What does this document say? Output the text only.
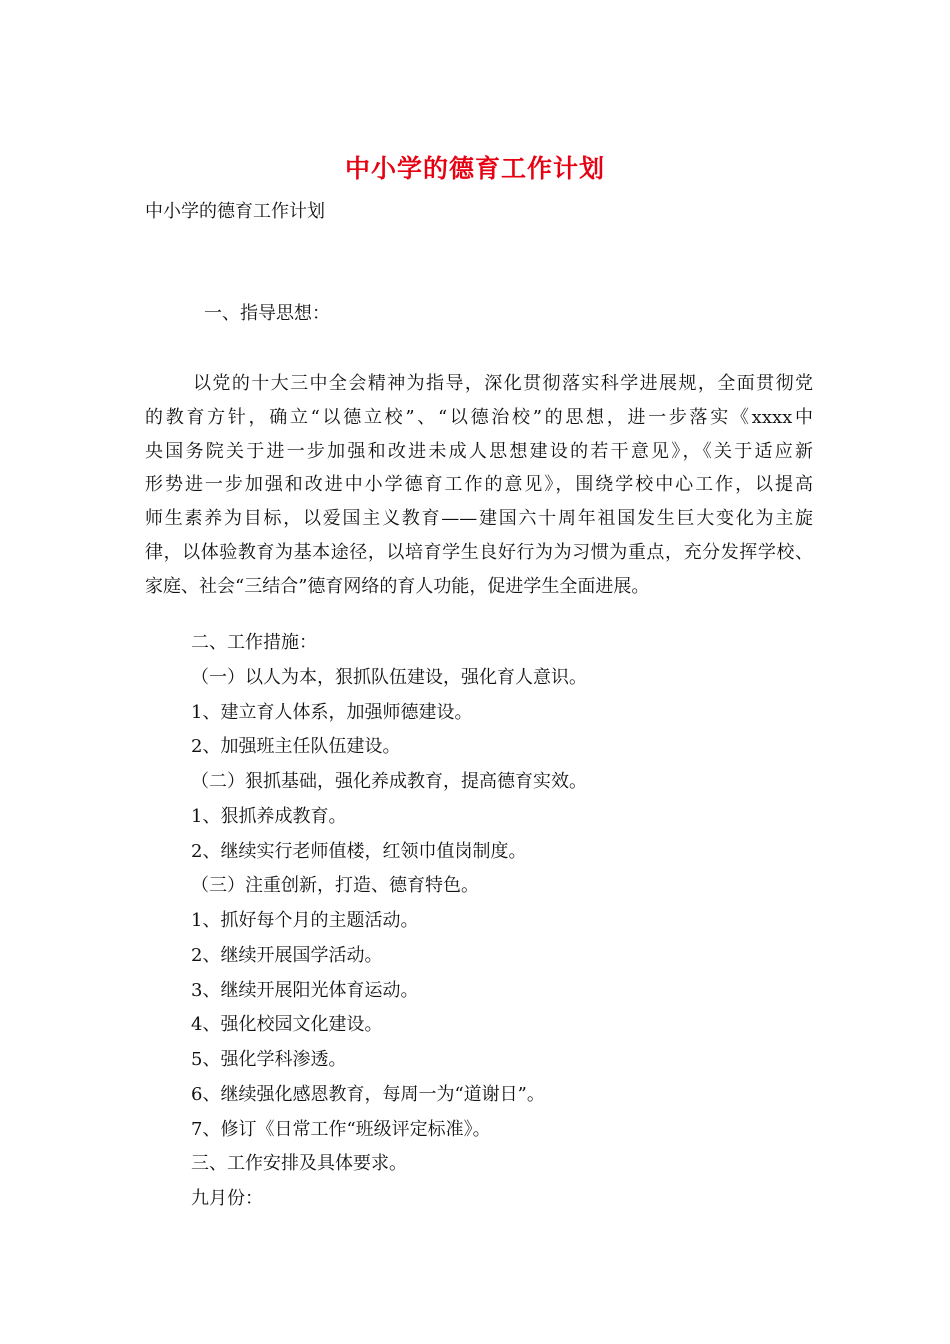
中小学的德育工作计划
中小学的德育工作计划
一、指导思想：
以党的十大三中全会精神为指导，深化贯彻落实科学进展规，全面贯彻党
的教育方针，确立“以德立校”、“以德治校”的思想，进一步落实《xxxx中
央国务院关于进一步加强和改进未成人思想建设的若干意见》，《关于适应新
形势进一步加强和改进中小学德育工作的意见》，围绕学校中心工作，以提高
师生素养为目标，以爱国主义教育——建国六十周年祖国发生巨大变化为主旋
律，以体验教育为基本途径，以培育学生良好行为为习惯为重点，充分发挥学校、
家庭、社会“三结合”德育网络的育人功能，促进学生全面进展。
二、工作措施：
（一）以人为本，狠抓队伍建设，强化育人意识。
1、建立育人体系，加强师德建设。
2、加强班主任队伍建设。
（二）狠抓基础，强化养成教育，提高德育实效。
1、狠抓养成教育。
2、继续实行老师值楼，红领巾值岗制度。
（三）注重创新，打造、德育特色。
1、抓好每个月的主题活动。
2、继续开展国学活动。
3、继续开展阳光体育运动。
4、强化校园文化建设。
5、强化学科渗透。
6、继续强化感恩教育，每周一为“道谢日”。
7、修订《日常工作“班级评定标准》。
三、工作安排及具体要求。
九月份：
